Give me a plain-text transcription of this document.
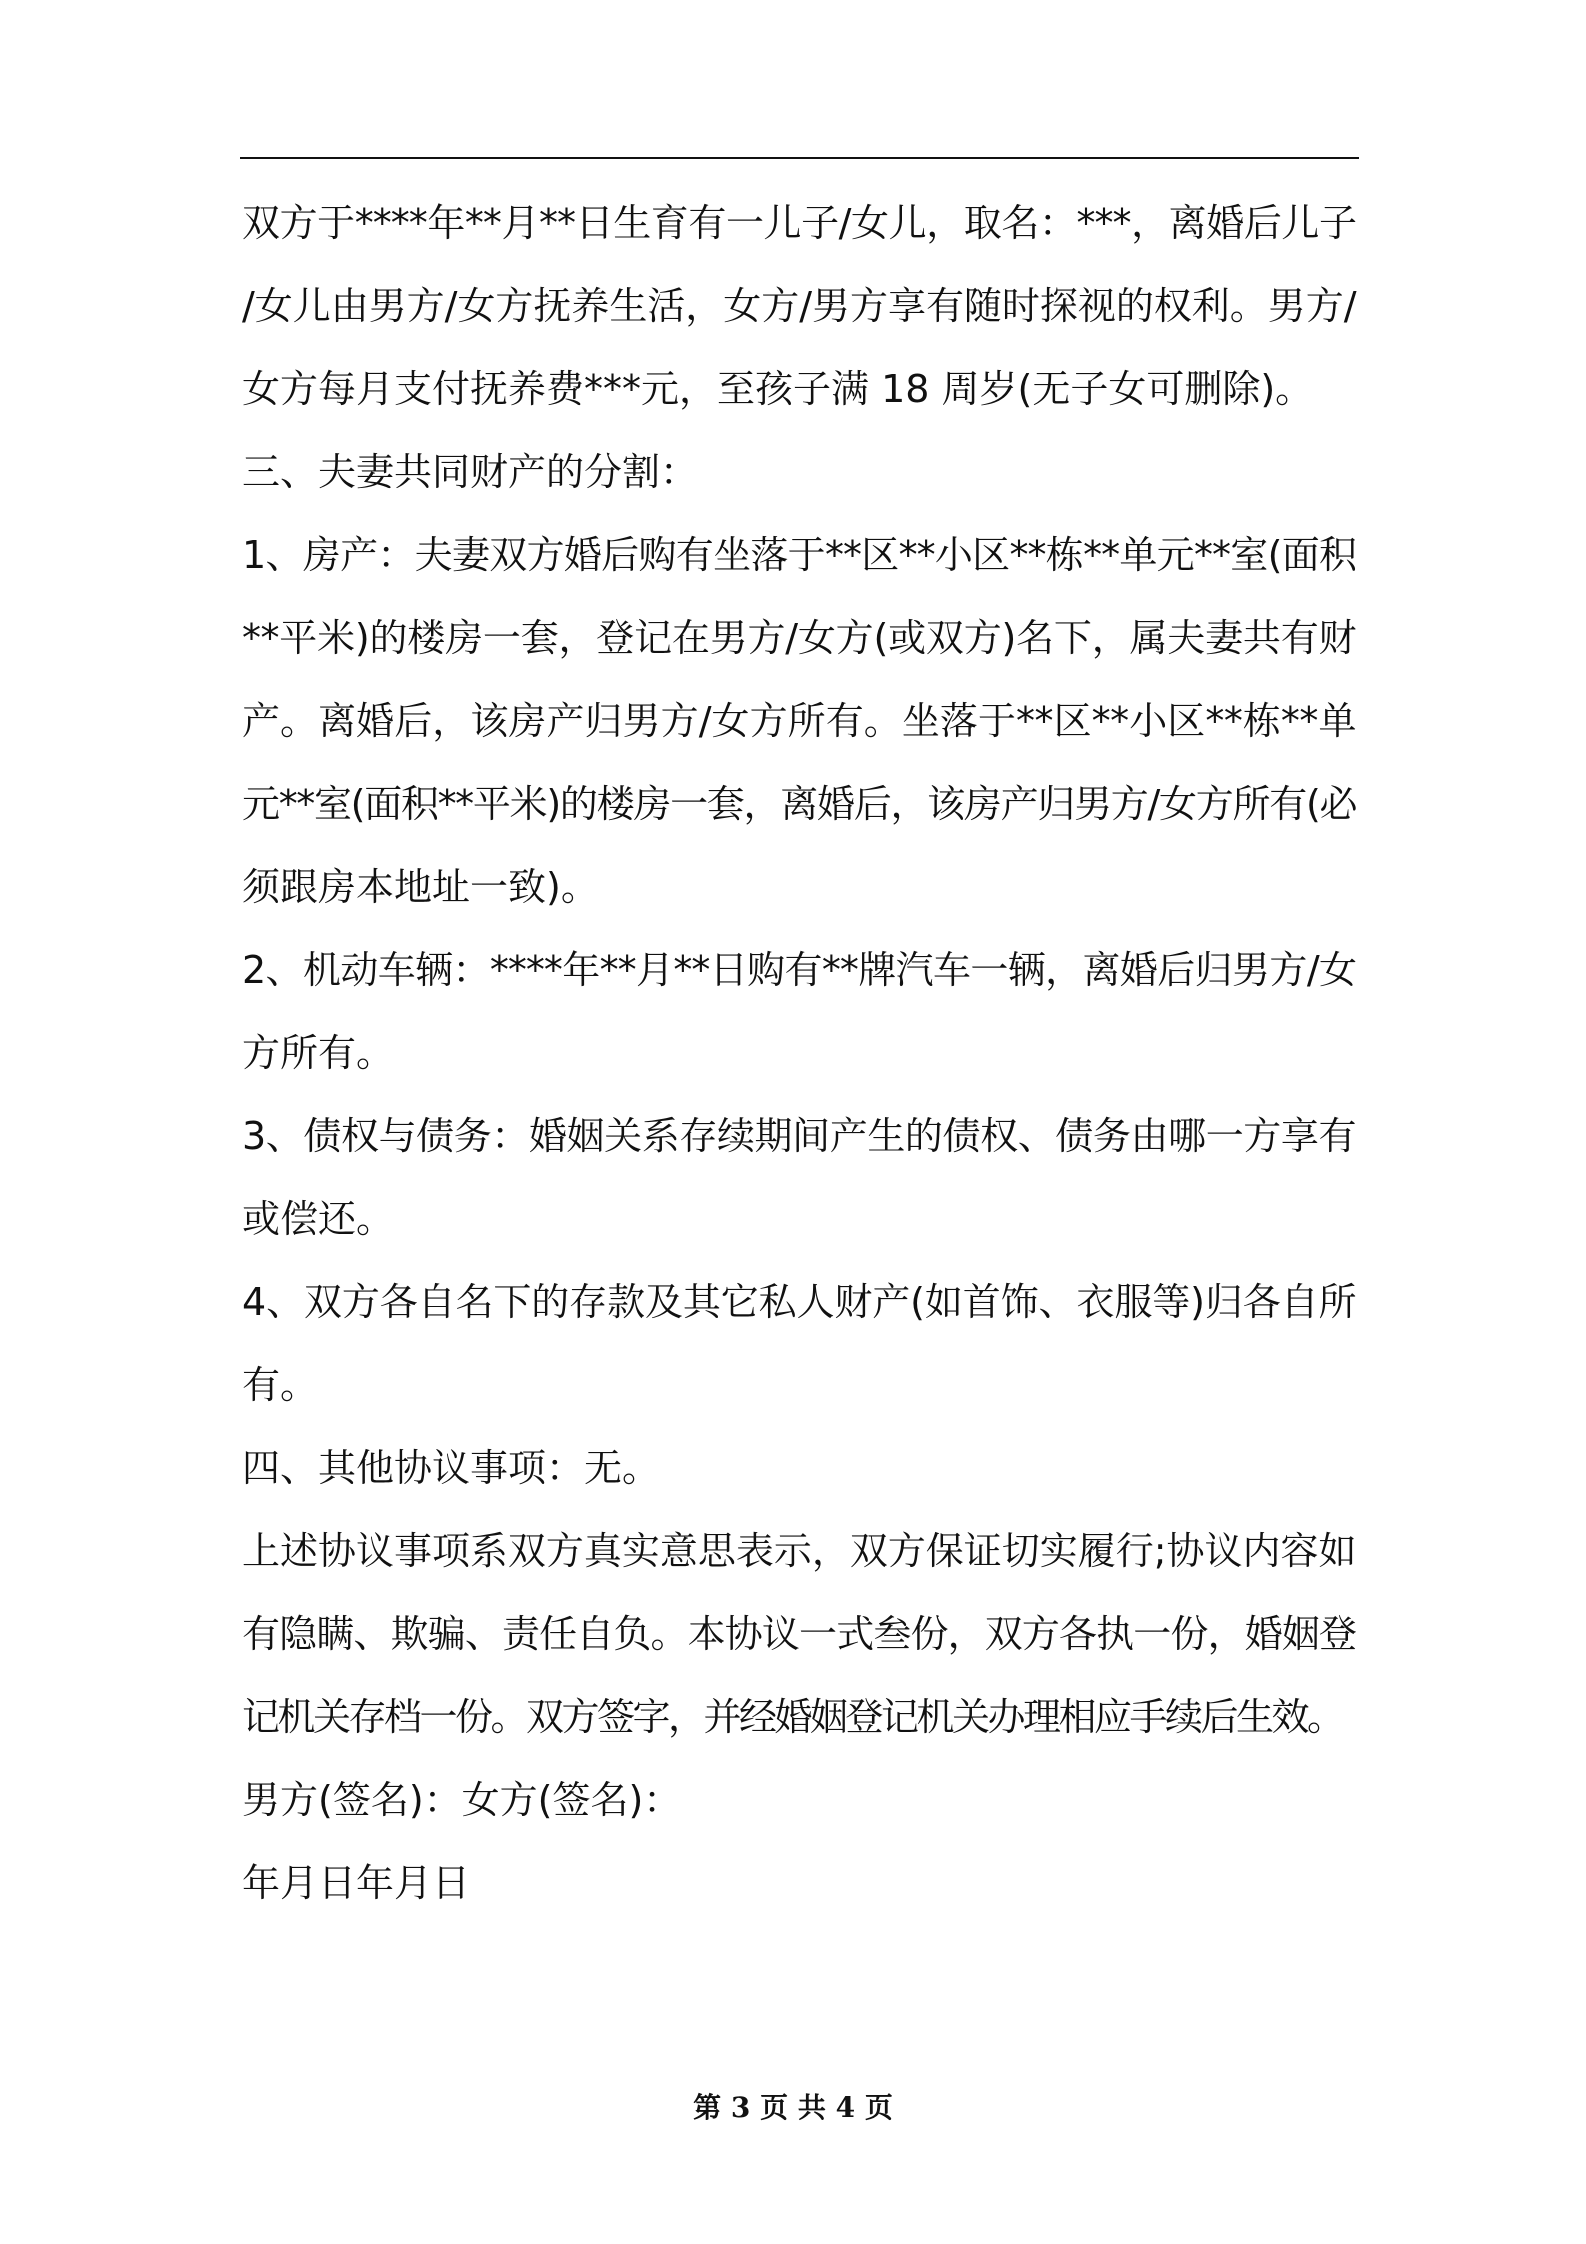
双方于****年**月**日生育有一儿子/女儿，取名：***，离婚后儿子
/女儿由男方/女方抚养生活，女方/男方享有随时探视的权利。男方/
女方每月支付抚养费***元，至孩子满 18 周岁(无子女可删除)。

三、夫妻共同财产的分割：

1、房产：夫妻双方婚后购有坐落于**区**小区**栋**单元**室(面积
**平米)的楼房一套，登记在男方/女方(或双方)名下，属夫妻共有财
产。离婚后，该房产归男方/女方所有。坐落于**区**小区**栋**单
元**室(面积**平米)的楼房一套，离婚后，该房产归男方/女方所有(必
须跟房本地址一致)。

2、机动车辆：****年**月**日购有**牌汽车一辆，离婚后归男方/女
方所有。

3、债权与债务：婚姻关系存续期间产生的债权、债务由哪一方享有
或偿还。

4、双方各自名下的存款及其它私人财产(如首饰、衣服等)归各自所
有。

四、其他协议事项：无。

上述协议事项系双方真实意思表示，双方保证切实履行;协议内容如
有隐瞒、欺骗、责任自负。本协议一式叁份，双方各执一份，婚姻登
记机关存档一份。双方签字，并经婚姻登记机关办理相应手续后生效。

男方(签名)：女方(签名)：

年月日年月日

第 3 页 共 4 页
